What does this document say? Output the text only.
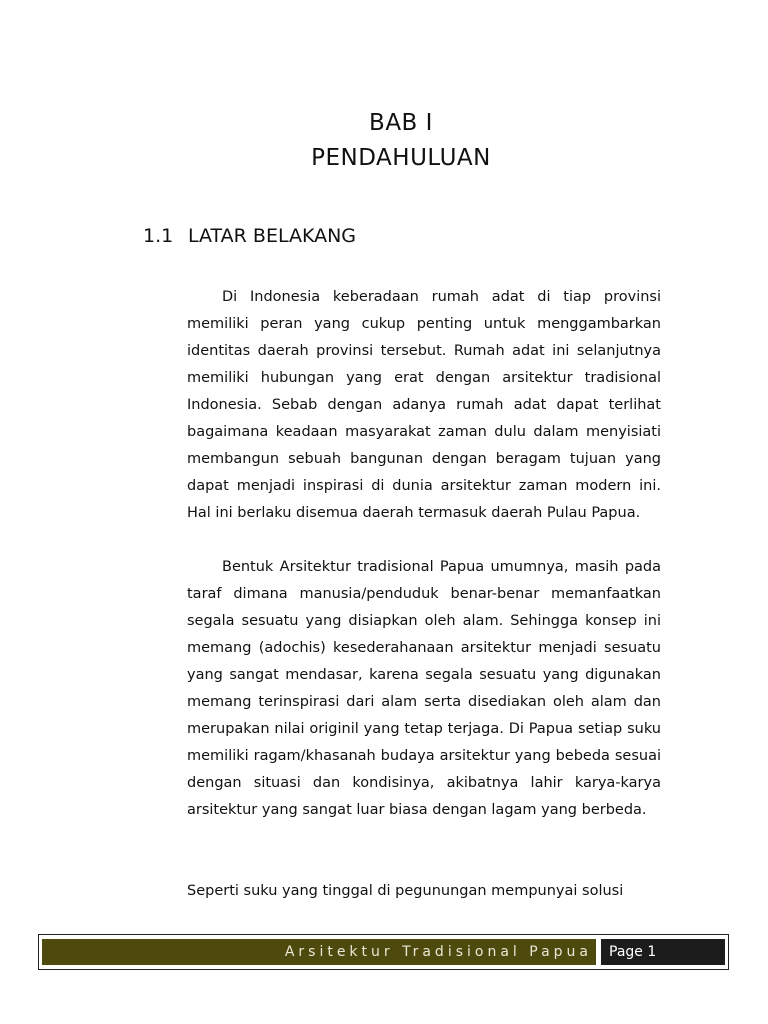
BAB I
PENDAHULUAN
1.1 LATAR BELAKANG

Di Indonesia keberadaan rumah adat di tiap provinsi memiliki peran yang cukup penting untuk menggambarkan identitas daerah provinsi tersebut. Rumah adat ini selanjutnya memiliki hubungan yang erat dengan arsitektur tradisional Indonesia. Sebab dengan adanya rumah adat dapat terlihat bagaimana keadaan masyarakat zaman dulu dalam menyisiati membangun sebuah bangunan dengan beragam tujuan yang dapat menjadi inspirasi di dunia arsitektur zaman modern ini. Hal ini berlaku disemua daerah termasuk daerah Pulau Papua.

Bentuk Arsitektur tradisional Papua umumnya, masih pada taraf dimana manusia/penduduk benar-benar memanfaatkan segala sesuatu yang disiapkan oleh alam. Sehingga konsep ini memang (adochis) kesederahanaan arsitektur menjadi sesuatu yang sangat mendasar, karena segala sesuatu yang digunakan memang terinspirasi dari alam serta disediakan oleh alam dan merupakan nilai originil yang tetap terjaga. Di Papua setiap suku memiliki ragam/khasanah budaya arsitektur yang bebeda sesuai dengan situasi dan kondisinya, akibatnya lahir karya-karya arsitektur yang sangat luar biasa dengan lagam yang berbeda.

Seperti suku yang tinggal di pegunungan mempunyai solusi

Arsitektur Tradisional Papua	Page 1
